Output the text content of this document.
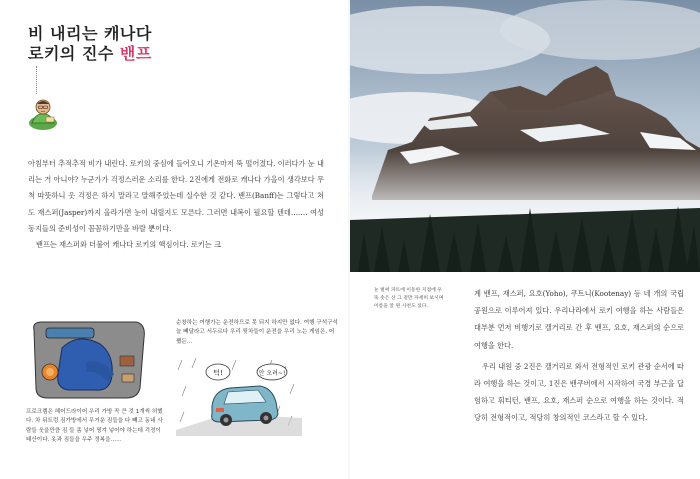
비 내리는 캐나다
로키의 진수 밴프

아침부터 추적추적 비가 내린다. 로키의 중심에 들어오니 기온마저 뚝 떨어졌다. 이러다가 눈 내리는 거 아니야? 누군가가 걱정스러운 소리를 한다. 2진에게 전화로 캐나다 가을이 생각보다 무척 따뜻하니 옷 걱정은 하지 말라고 말해주었는데 실수한 것 같다. 밴프(Banff)는 그렇다고 쳐도 재스퍼(Jasper)까지 올라가면 눈이 내릴지도 모른다. 그러면 내복이 필요할 텐데……. 여성 동지들의 준비성이 꼼꼼하기만을 바랄 뿐이다.

밴프는 재스퍼와 더불어 캐나다 로키의 핵심이다. 로키는 크

프로크렘은 헤어드라이어 우리 가방 꼭 큰 것 1개씩 허했다. 차 뒤트렁 짐가방에서 무거운 짐들을 다 빼고 동네 사람들 웃을만큼 짐 들 좀 넣어 찡겨 넣어야 하는데 걱정이 태산이다. 옷과 짐들을 우주 정복을……
순창하는 여행가는 운전하므로 못 되지 하지만 없다. 여행 구석구석 늘 빼달라고 서두르다 우리 뒷차들이 운전을 우리 노는 게임은, 어쨌든...
턱!	안 오려~!
눈 벌써 파트에 이동한 지점에 우뚝 솟은 산 그 겉만 자세히 보시며 이름을 알 원 사천도 섰다.

계 밴프, 재스퍼, 요호(Yoho), 쿠트니(Kootenay) 등 네 개의 국립공원으로 이루어져 있다. 우리나라에서 로키 여행을 하는 사람들은 대부분 먼저 비행기로 캘거리로 간 후 밴프, 요호, 재스퍼의 순으로 여행을 한다.

우리 내원 중 2진은 캘거리로 와서 전형적인 로키 관광 순서에 따라 여행을 하는 것이고, 1진은 밴쿠버에서 시작하여 국경 부근을 답험하고 휘티턴, 밴프, 요호, 재스퍼 순으로 여행을 하는 것이다. 적당히 전형적이고, 적당히 창의적인 코스라고 할 수 있다.
